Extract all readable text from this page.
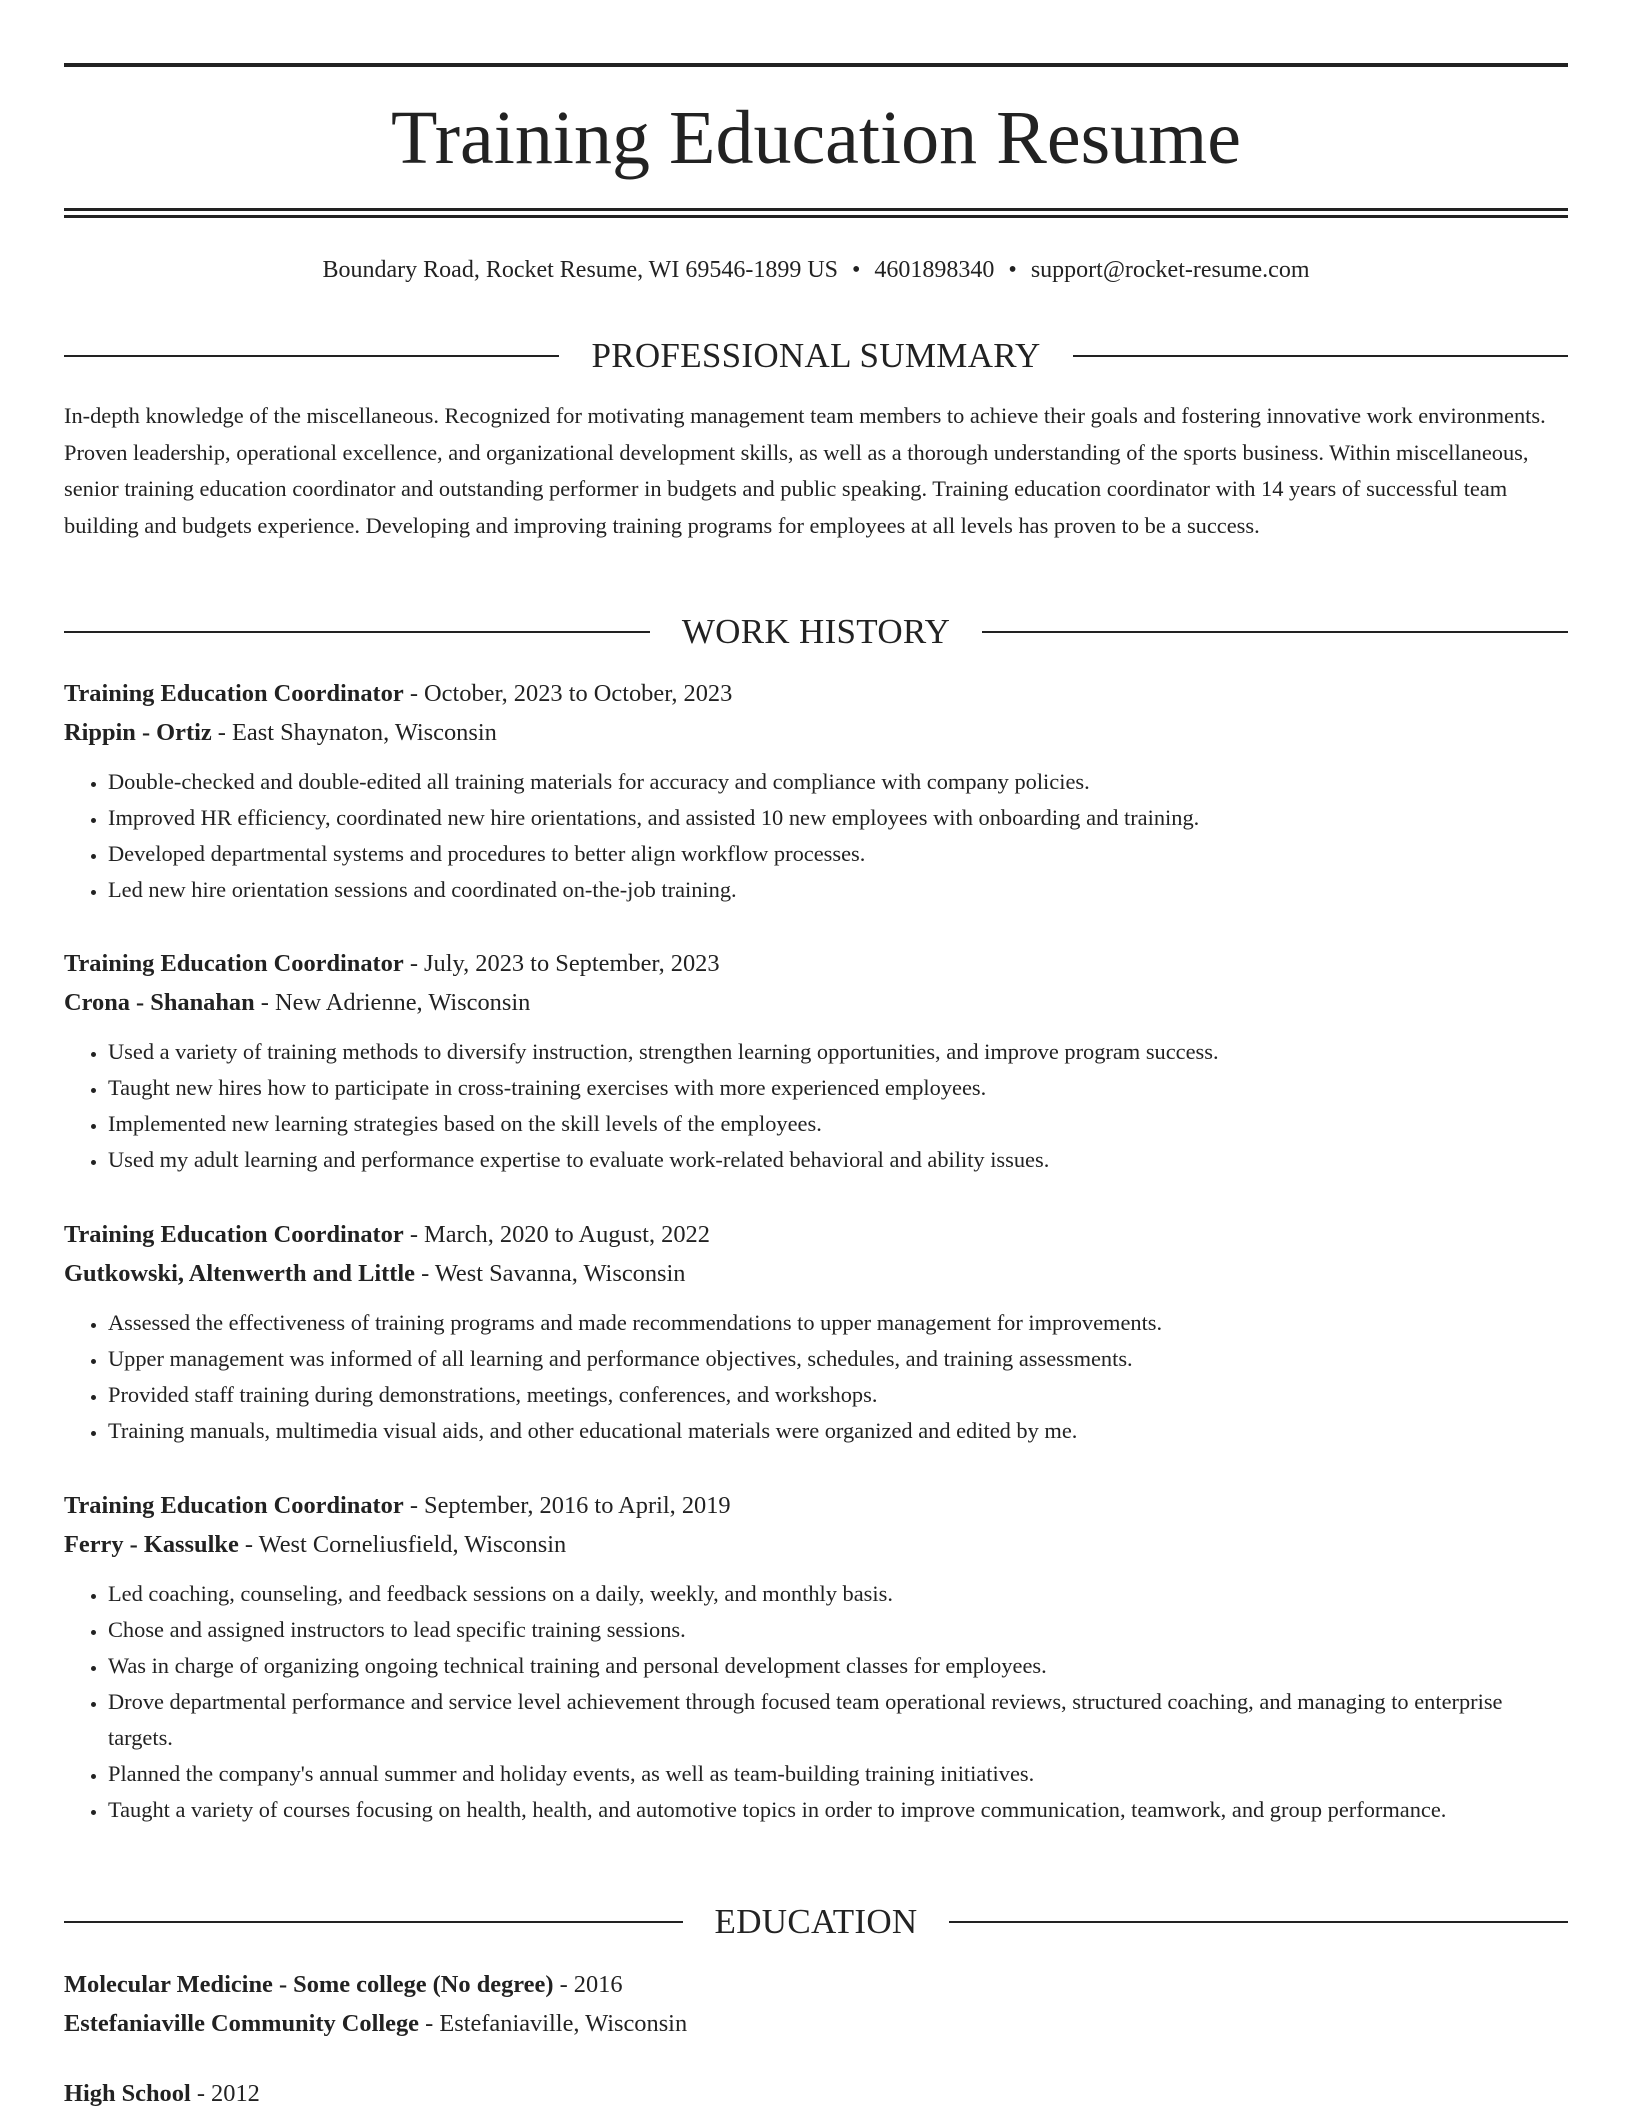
Training Education Resume
Boundary Road, Rocket Resume, WI 69546-1899 US • 4601898340 • support@rocket-resume.com
PROFESSIONAL SUMMARY

In-depth knowledge of the miscellaneous. Recognized for motivating management team members to achieve their goals and fostering innovative work environments. Proven leadership, operational excellence, and organizational development skills, as well as a thorough understanding of the sports business. Within miscellaneous, senior training education coordinator and outstanding performer in budgets and public speaking. Training education coordinator with 14 years of successful team building and budgets experience. Developing and improving training programs for employees at all levels has proven to be a success.

WORK HISTORY
Training Education Coordinator - October, 2023 to October, 2023
Rippin - Ortiz - East Shaynaton, Wisconsin
• Double-checked and double-edited all training materials for accuracy and compliance with company policies.
• Improved HR efficiency, coordinated new hire orientations, and assisted 10 new employees with onboarding and training.
• Developed departmental systems and procedures to better align workflow processes.
• Led new hire orientation sessions and coordinated on-the-job training.
Training Education Coordinator - July, 2023 to September, 2023
Crona - Shanahan - New Adrienne, Wisconsin
• Used a variety of training methods to diversify instruction, strengthen learning opportunities, and improve program success.
• Taught new hires how to participate in cross-training exercises with more experienced employees.
• Implemented new learning strategies based on the skill levels of the employees.
• Used my adult learning and performance expertise to evaluate work-related behavioral and ability issues.
Training Education Coordinator - March, 2020 to August, 2022
Gutkowski, Altenwerth and Little - West Savanna, Wisconsin
• Assessed the effectiveness of training programs and made recommendations to upper management for improvements.
• Upper management was informed of all learning and performance objectives, schedules, and training assessments.
• Provided staff training during demonstrations, meetings, conferences, and workshops.
• Training manuals, multimedia visual aids, and other educational materials were organized and edited by me.
Training Education Coordinator - September, 2016 to April, 2019
Ferry - Kassulke - West Corneliusfield, Wisconsin
• Led coaching, counseling, and feedback sessions on a daily, weekly, and monthly basis.
• Chose and assigned instructors to lead specific training sessions.
• Was in charge of organizing ongoing technical training and personal development classes for employees.
• Drove departmental performance and service level achievement through focused team operational reviews, structured coaching, and managing to enterprise targets.
• Planned the company's annual summer and holiday events, as well as team-building training initiatives.
• Taught a variety of courses focusing on health, health, and automotive topics in order to improve communication, teamwork, and group performance.
EDUCATION
Molecular Medicine - Some college (No degree) - 2016
Estefaniaville Community College - Estefaniaville, Wisconsin
High School - 2012
